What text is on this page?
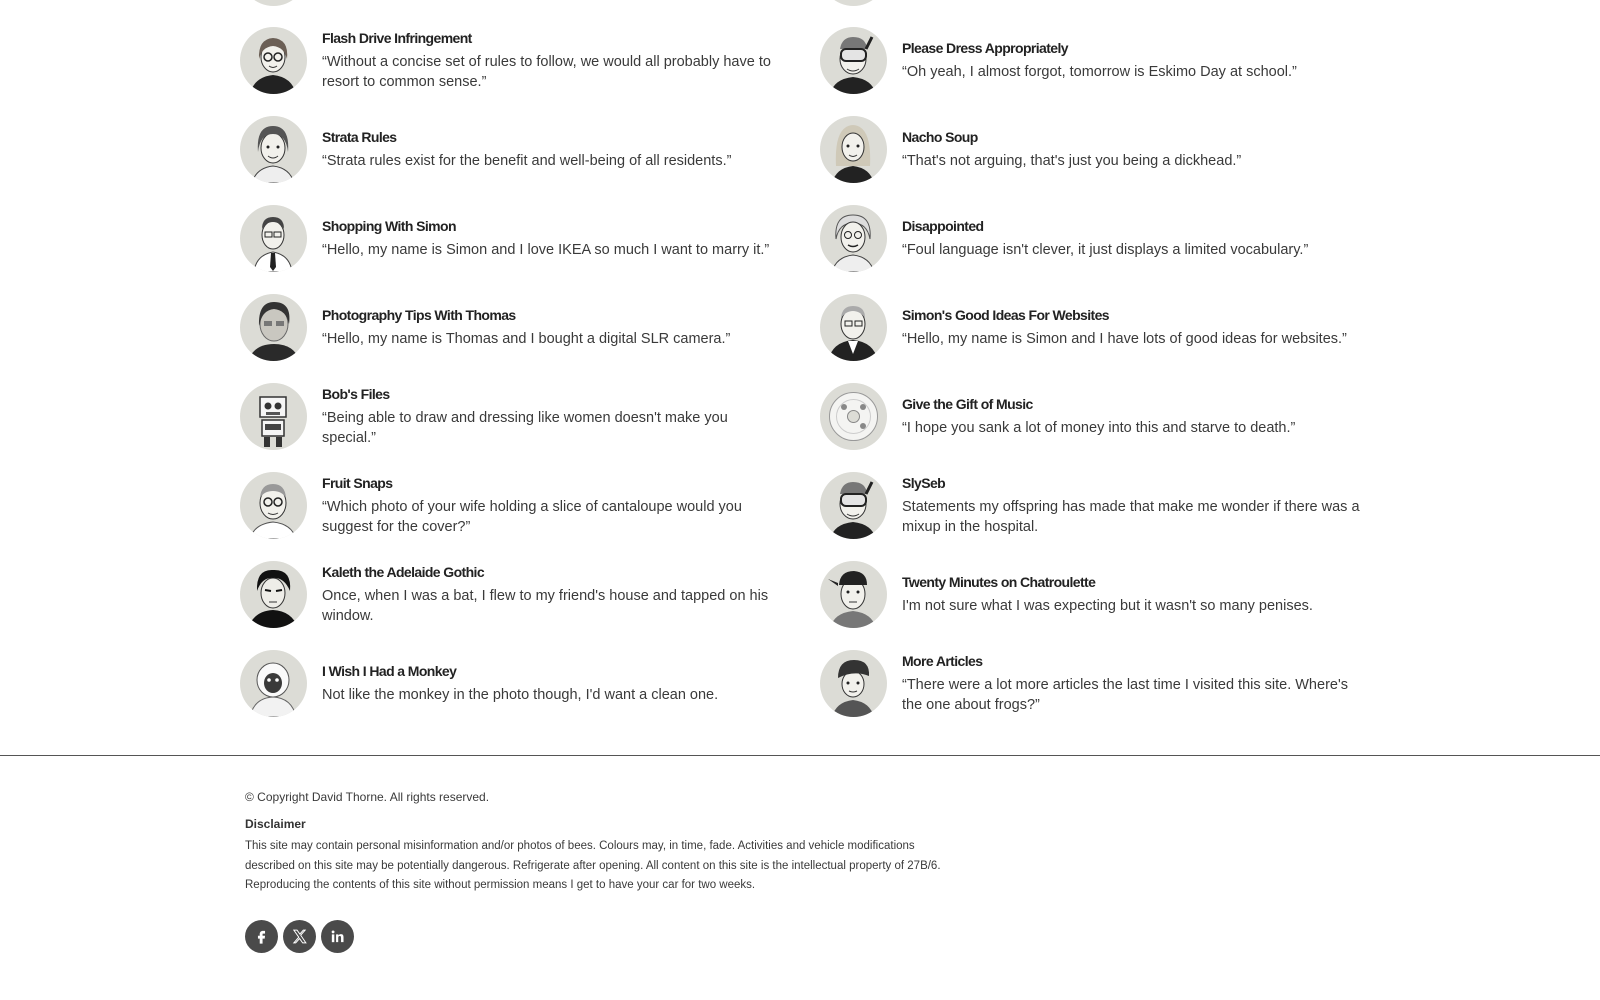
Flash Drive Infringement
“Without a concise set of rules to follow, we would all probably have to resort to common sense.”
Strata Rules
“Strata rules exist for the benefit and well-being of all residents.”
Shopping With Simon
“Hello, my name is Simon and I love IKEA so much I want to marry it.”
Photography Tips With Thomas
“Hello, my name is Thomas and I bought a digital SLR camera.”
Bob's Files
“Being able to draw and dressing like women doesn't make you special.”
Fruit Snaps
“Which photo of your wife holding a slice of cantaloupe would you suggest for the cover?”
Kaleth the Adelaide Gothic
Once, when I was a bat, I flew to my friend's house and tapped on his window.
I Wish I Had a Monkey
Not like the monkey in the photo though, I'd want a clean one.
Please Dress Appropriately
“Oh yeah, I almost forgot, tomorrow is Eskimo Day at school.”
Nacho Soup
“That's not arguing, that's just you being a dickhead.”
Disappointed
“Foul language isn't clever, it just displays a limited vocabulary.”
Simon's Good Ideas For Websites
“Hello, my name is Simon and I have lots of good ideas for websites.”
Give the Gift of Music
“I hope you sank a lot of money into this and starve to death.”
SlySeb
Statements my offspring has made that make me wonder if there was a mixup in the hospital.
Twenty Minutes on Chatroulette
I'm not sure what I was expecting but it wasn't so many penises.
More Articles
“There were a lot more articles the last time I visited this site. Where's the one about frogs?”
© Copyright David Thorne. All rights reserved.
Disclaimer
This site may contain personal misinformation and/or photos of bees. Colours may, in time, fade. Activities and vehicle modifications
described on this site may be potentially dangerous. Refrigerate after opening. All content on this site is the intellectual property of 27B/6.
Reproducing the contents of this site without permission means I get to have your car for two weeks.
